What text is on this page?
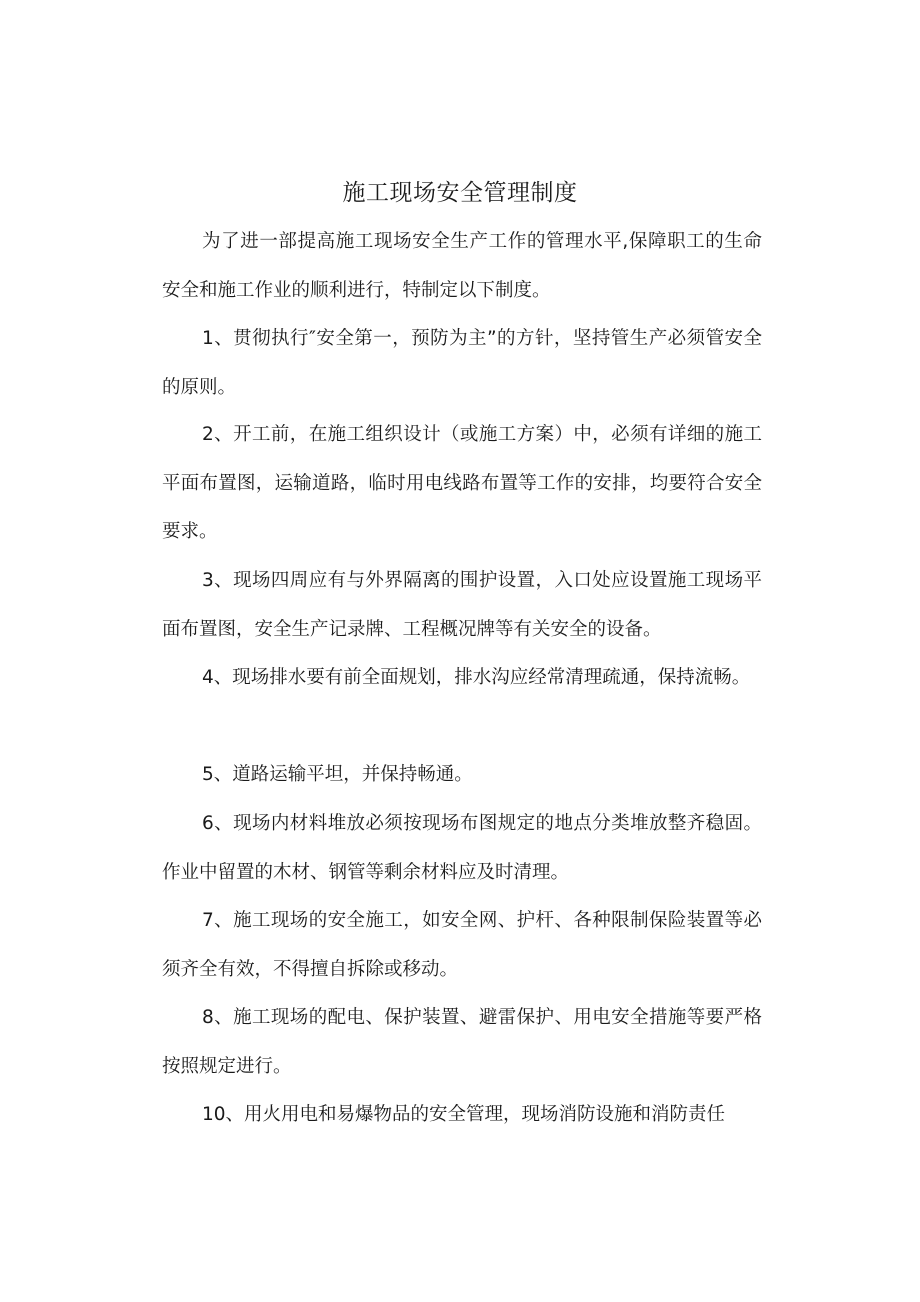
施工现场安全管理制度

为了进一部提高施工现场安全生产工作的管理水平,保障职工的生命安全和施工作业的顺利进行，特制定以下制度。

1、贯彻执行″安全第一，预防为主”的方针，坚持管生产必须管安全的原则。

2、开工前，在施工组织设计（或施工方案）中，必须有详细的施工平面布置图，运输道路，临时用电线路布置等工作的安排，均要符合安全要求。

3、现场四周应有与外界隔离的围护设置，入口处应设置施工现场平面布置图，安全生产记录牌、工程概况牌等有关安全的设备。

4、现场排水要有前全面规划，排水沟应经常清理疏通，保持流畅。

5、道路运输平坦，并保持畅通。

6、现场内材料堆放必须按现场布图规定的地点分类堆放整齐稳固。作业中留置的木材、钢管等剩余材料应及时清理。

7、施工现场的安全施工，如安全网、护杆、各种限制保险装置等必须齐全有效，不得擅自拆除或移动。

8、施工现场的配电、保护装置、避雷保护、用电安全措施等要严格按照规定进行。

10、用火用电和易爆物品的安全管理，现场消防设施和消防责任
